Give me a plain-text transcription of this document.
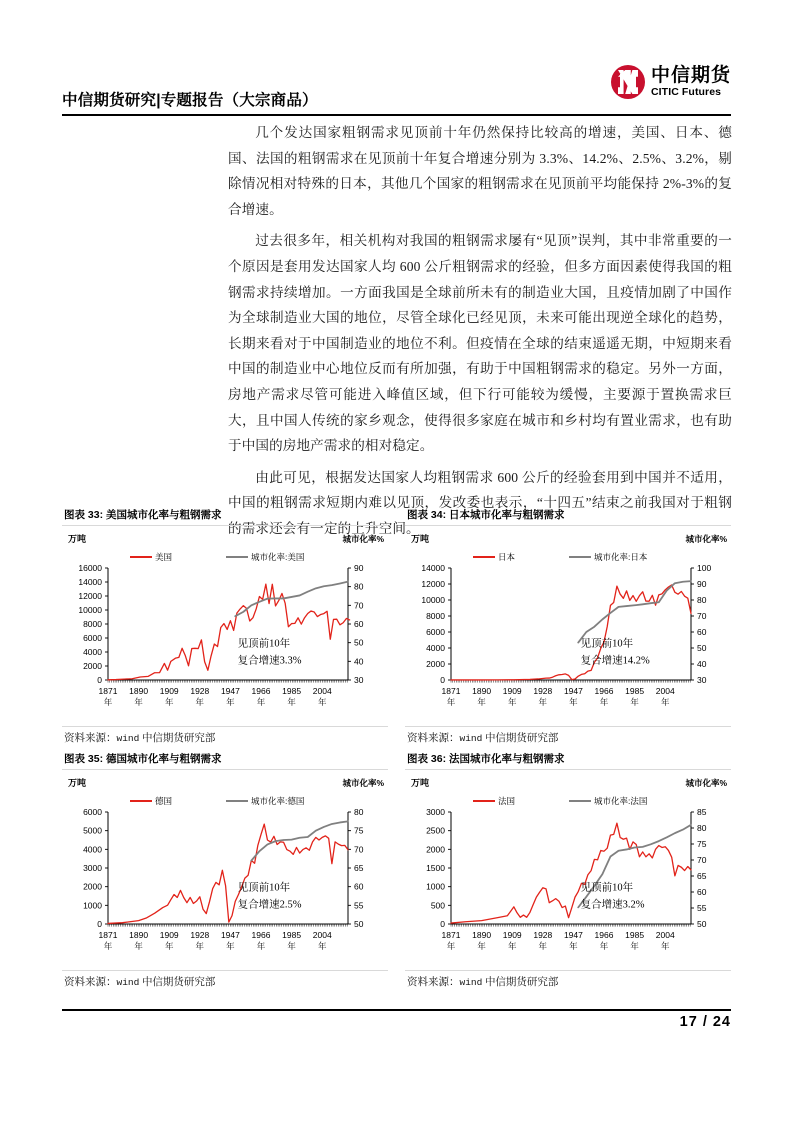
中信期货研究|专题报告（大宗商品）
中信期货
CITIC Futures

几个发达国家粗钢需求见顶前十年仍然保持比较高的增速，美国、日本、德国、法国的粗钢需求在见顶前十年复合增速分别为 3.3%、14.2%、2.5%、3.2%，剔除情况相对特殊的日本，其他几个国家的粗钢需求在见顶前平均能保持 2%-3%的复合增速。

过去很多年，相关机构对我国的粗钢需求屡有“见顶”误判，其中非常重要的一个原因是套用发达国家人均 600 公斤粗钢需求的经验，但多方面因素使得我国的粗钢需求持续增加。一方面我国是全球前所未有的制造业大国，且疫情加剧了中国作为全球制造业大国的地位，尽管全球化已经见顶，未来可能出现逆全球化的趋势，长期来看对于中国制造业的地位不利。但疫情在全球的结束遥遥无期，中短期来看中国的制造业中心地位反而有所加强，有助于中国粗钢需求的稳定。另外一方面，房地产需求尽管可能进入峰值区域，但下行可能较为缓慢，主要源于置换需求巨大，且中国人传统的家乡观念，使得很多家庭在城市和乡村均有置业需求，也有助于中国的房地产需求的相对稳定。

由此可见，根据发达国家人均粗钢需求 600 公斤的经验套用到中国并不适用，中国的粗钢需求短期内难以见顶，发改委也表示，“十四五”结束之前我国对于粗钢的需求还会有一定的上升空间。

图表 33: 美国城市化率与粗钢需求
万吨	城市化率%
美国	城市化率:美国
0
2000
4000
6000
8000
10000
12000
14000
16000
30
40
50
60
70
80
90
1871
年
1890
年
1909
年
1928
年
1947
年
1966
年
1985
年
2004
年
见顶前10年
复合增速3.3%
资料来源：wind 中信期货研究部
图表 34: 日本城市化率与粗钢需求
万吨	城市化率%
日本	城市化率:日本
0
2000
4000
6000
8000
10000
12000
14000
30
40
50
60
70
80
90
100
1871
年
1890
年
1909
年
1928
年
1947
年
1966
年
1985
年
2004
年
见顶前10年
复合增速14.2%
资料来源：wind 中信期货研究部
图表 35: 德国城市化率与粗钢需求
万吨	城市化率%
德国	城市化率:德国
0
1000
2000
3000
4000
5000
6000
50
55
60
65
70
75
80
1871
年
1890
年
1909
年
1928
年
1947
年
1966
年
1985
年
2004
年
见顶前10年
复合增速2.5%
资料来源：wind 中信期货研究部
图表 36: 法国城市化率与粗钢需求
万吨	城市化率%
法国	城市化率:法国
0
500
1000
1500
2000
2500
3000
50
55
60
65
70
75
80
85
1871
年
1890
年
1909
年
1928
年
1947
年
1966
年
1985
年
2004
年
见顶前10年
复合增速3.2%
资料来源：wind 中信期货研究部
17 / 24
